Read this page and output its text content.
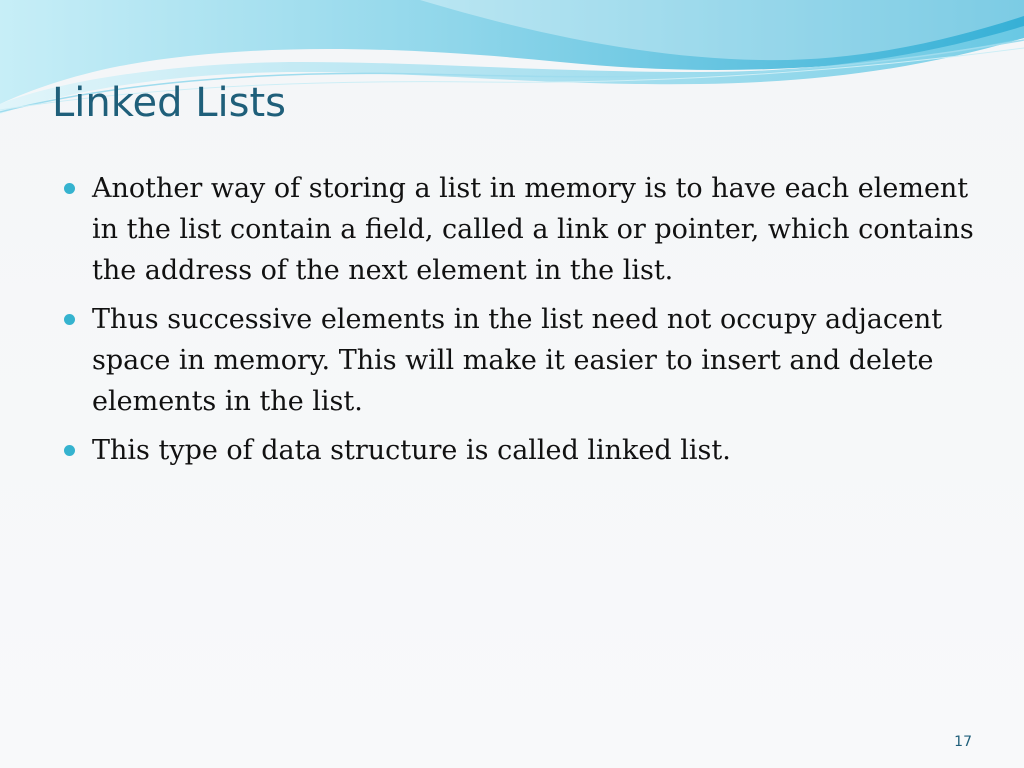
Linked Lists
Another way of storing a list in memory is to have each element in the list contain a field, called a link or pointer, which contains the address of the next element in the list.
Thus successive elements in the list need not occupy adjacent space in memory. This will make it easier to insert and delete elements in the list.
This type of data structure is called linked list.
17
